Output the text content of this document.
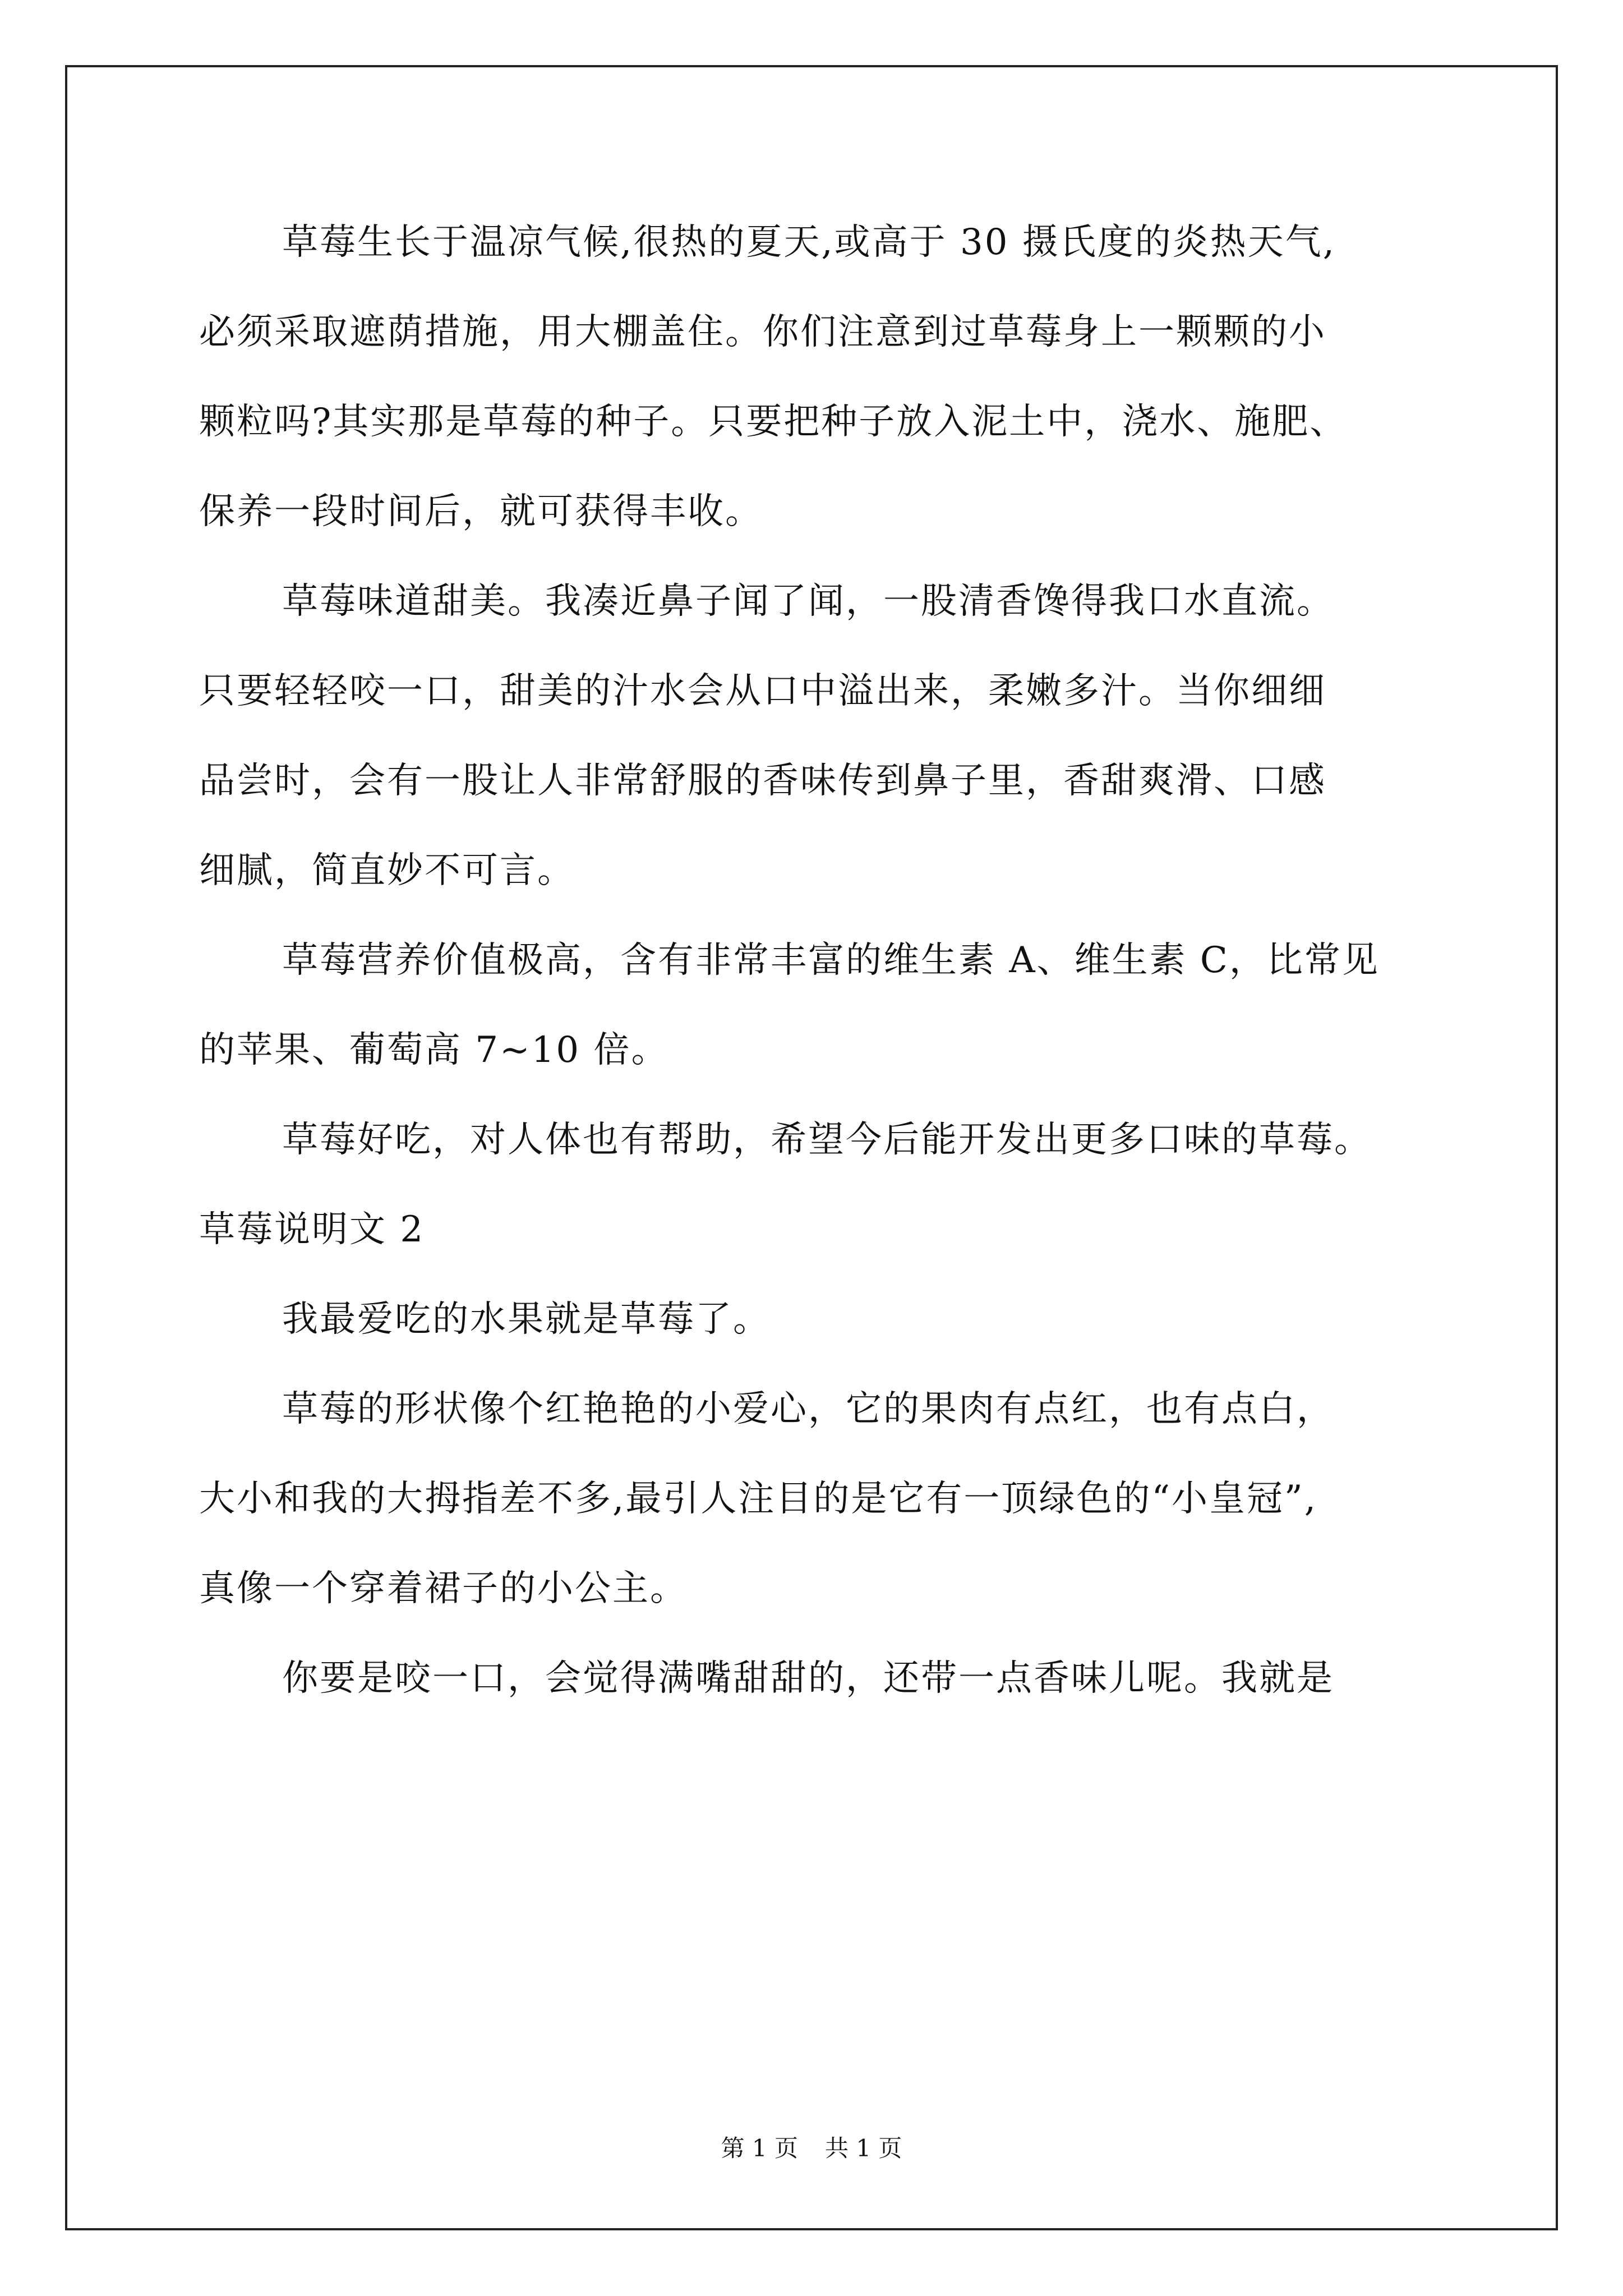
草莓生长于温凉气候,很热的夏天,或高于 30 摄氏度的炎热天气,
必须采取遮荫措施，用大棚盖住。你们注意到过草莓身上一颗颗的小
颗粒吗?其实那是草莓的种子。只要把种子放入泥土中，浇水、施肥、
保养一段时间后，就可获得丰收。
草莓味道甜美。我凑近鼻子闻了闻，一股清香馋得我口水直流。
只要轻轻咬一口，甜美的汁水会从口中溢出来，柔嫩多汁。当你细细
品尝时，会有一股让人非常舒服的香味传到鼻子里，香甜爽滑、口感
细腻，简直妙不可言。
草莓营养价值极高，含有非常丰富的维生素 A、维生素 C，比常见
的苹果、葡萄高 7~10 倍。
草莓好吃，对人体也有帮助，希望今后能开发出更多口味的草莓。
草莓说明文 2
我最爱吃的水果就是草莓了。
草莓的形状像个红艳艳的小爱心，它的果肉有点红，也有点白，
大小和我的大拇指差不多,最引人注目的是它有一顶绿色的“小皇冠”,
真像一个穿着裙子的小公主。
你要是咬一口，会觉得满嘴甜甜的，还带一点香味儿呢。我就是
第 1 页 共 1 页
